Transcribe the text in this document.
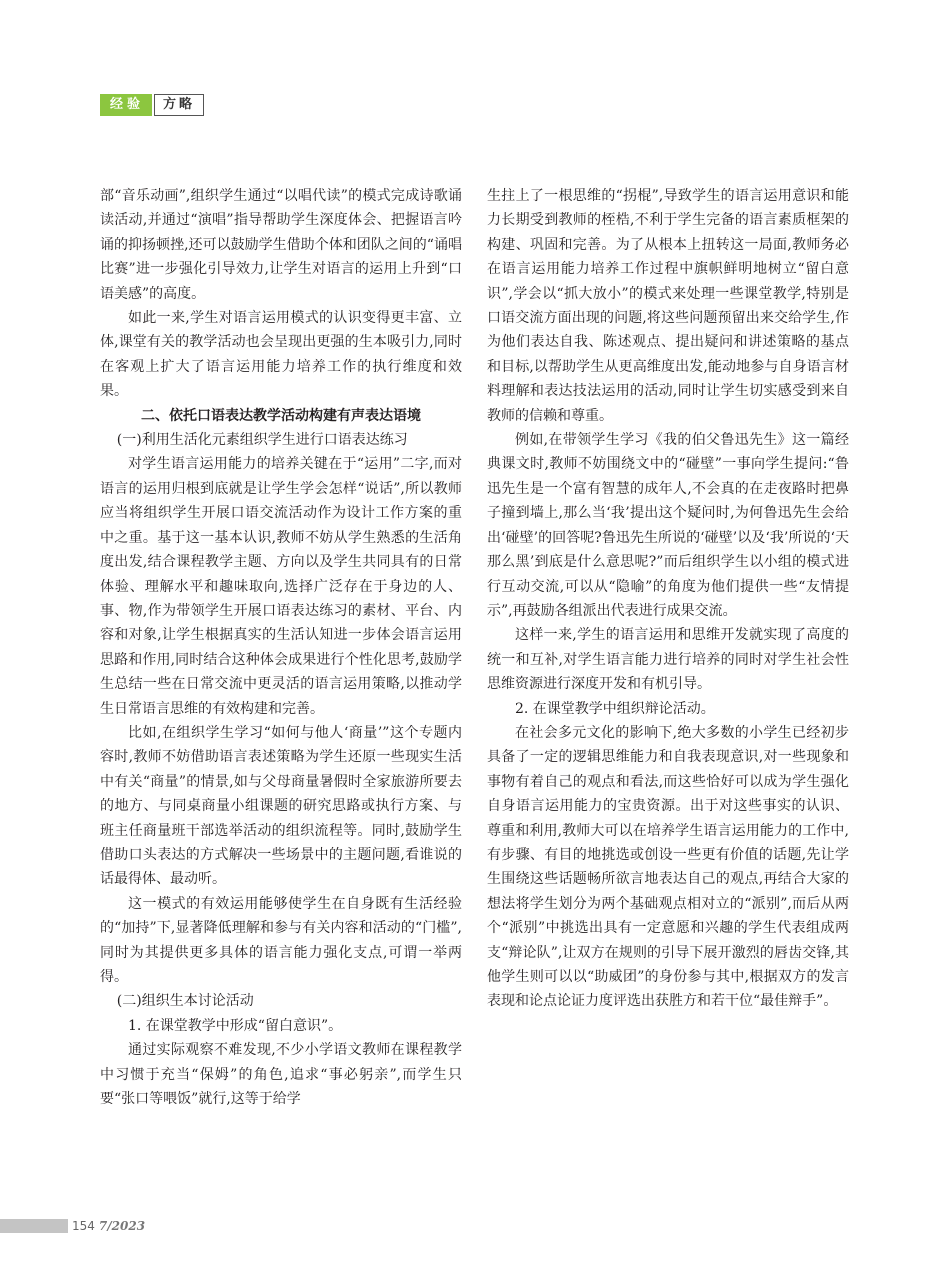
经验	方略

部“音乐动画”,组织学生通过“以唱代读”的模式完成诗歌诵读活动,并通过“演唱”指导帮助学生深度体会、把握语言吟诵的抑扬顿挫,还可以鼓励学生借助个体和团队之间的“诵唱比赛”进一步强化引导效力,让学生对语言的运用上升到“口语美感”的高度。

如此一来,学生对语言运用模式的认识变得更丰富、立体,课堂有关的教学活动也会呈现出更强的生本吸引力,同时在客观上扩大了语言运用能力培养工作的执行维度和效果。

二、依托口语表达教学活动构建有声表达语境

(一)利用生活化元素组织学生进行口语表达练习

对学生语言运用能力的培养关键在于“运用”二字,而对语言的运用归根到底就是让学生学会怎样“说话”,所以教师应当将组织学生开展口语交流活动作为设计工作方案的重中之重。基于这一基本认识,教师不妨从学生熟悉的生活角度出发,结合课程教学主题、方向以及学生共同具有的日常体验、理解水平和趣味取向,选择广泛存在于身边的人、事、物,作为带领学生开展口语表达练习的素材、平台、内容和对象,让学生根据真实的生活认知进一步体会语言运用思路和作用,同时结合这种体会成果进行个性化思考,鼓励学生总结一些在日常交流中更灵活的语言运用策略,以推动学生日常语言思维的有效构建和完善。

比如,在组织学生学习“如何与他人‘商量’”这个专题内容时,教师不妨借助语言表述策略为学生还原一些现实生活中有关“商量”的情景,如与父母商量暑假时全家旅游所要去的地方、与同桌商量小组课题的研究思路或执行方案、与班主任商量班干部选举活动的组织流程等。同时,鼓励学生借助口头表达的方式解决一些场景中的主题问题,看谁说的话最得体、最动听。

这一模式的有效运用能够使学生在自身既有生活经验的“加持”下,显著降低理解和参与有关内容和活动的“门槛”,同时为其提供更多具体的语言能力强化支点,可谓一举两得。

(二)组织生本讨论活动

1. 在课堂教学中形成“留白意识”。

通过实际观察不难发现,不少小学语文教师在课程教学中习惯于充当“保姆”的角色,追求“事必躬亲”,而学生只要“张口等喂饭”就行,这等于给学

生拄上了一根思维的“拐棍”,导致学生的语言运用意识和能力长期受到教师的桎梏,不利于学生完备的语言素质框架的构建、巩固和完善。为了从根本上扭转这一局面,教师务必在语言运用能力培养工作过程中旗帜鲜明地树立“留白意识”,学会以“抓大放小”的模式来处理一些课堂教学,特别是口语交流方面出现的问题,将这些问题预留出来交给学生,作为他们表达自我、陈述观点、提出疑问和讲述策略的基点和目标,以帮助学生从更高维度出发,能动地参与自身语言材料理解和表达技法运用的活动,同时让学生切实感受到来自教师的信赖和尊重。

例如,在带领学生学习《我的伯父鲁迅先生》这一篇经典课文时,教师不妨围绕文中的“碰壁”一事向学生提问:“鲁迅先生是一个富有智慧的成年人,不会真的在走夜路时把鼻子撞到墙上,那么当‘我’提出这个疑问时,为何鲁迅先生会给出‘碰壁’的回答呢?鲁迅先生所说的‘碰壁’以及‘我’所说的‘天那么黑’到底是什么意思呢?”而后组织学生以小组的模式进行互动交流,可以从“隐喻”的角度为他们提供一些“友情提示”,再鼓励各组派出代表进行成果交流。

这样一来,学生的语言运用和思维开发就实现了高度的统一和互补,对学生语言能力进行培养的同时对学生社会性思维资源进行深度开发和有机引导。

2. 在课堂教学中组织辩论活动。

在社会多元文化的影响下,绝大多数的小学生已经初步具备了一定的逻辑思维能力和自我表现意识,对一些现象和事物有着自己的观点和看法,而这些恰好可以成为学生强化自身语言运用能力的宝贵资源。出于对这些事实的认识、尊重和利用,教师大可以在培养学生语言运用能力的工作中,有步骤、有目的地挑选或创设一些更有价值的话题,先让学生围绕这些话题畅所欲言地表达自己的观点,再结合大家的想法将学生划分为两个基础观点相对立的“派别”,而后从两个“派别”中挑选出具有一定意愿和兴趣的学生代表组成两支“辩论队”,让双方在规则的引导下展开激烈的唇齿交锋,其他学生则可以以“助威团”的身份参与其中,根据双方的发言表现和论点论证力度评选出获胜方和若干位“最佳辩手”。

154 7/2023
